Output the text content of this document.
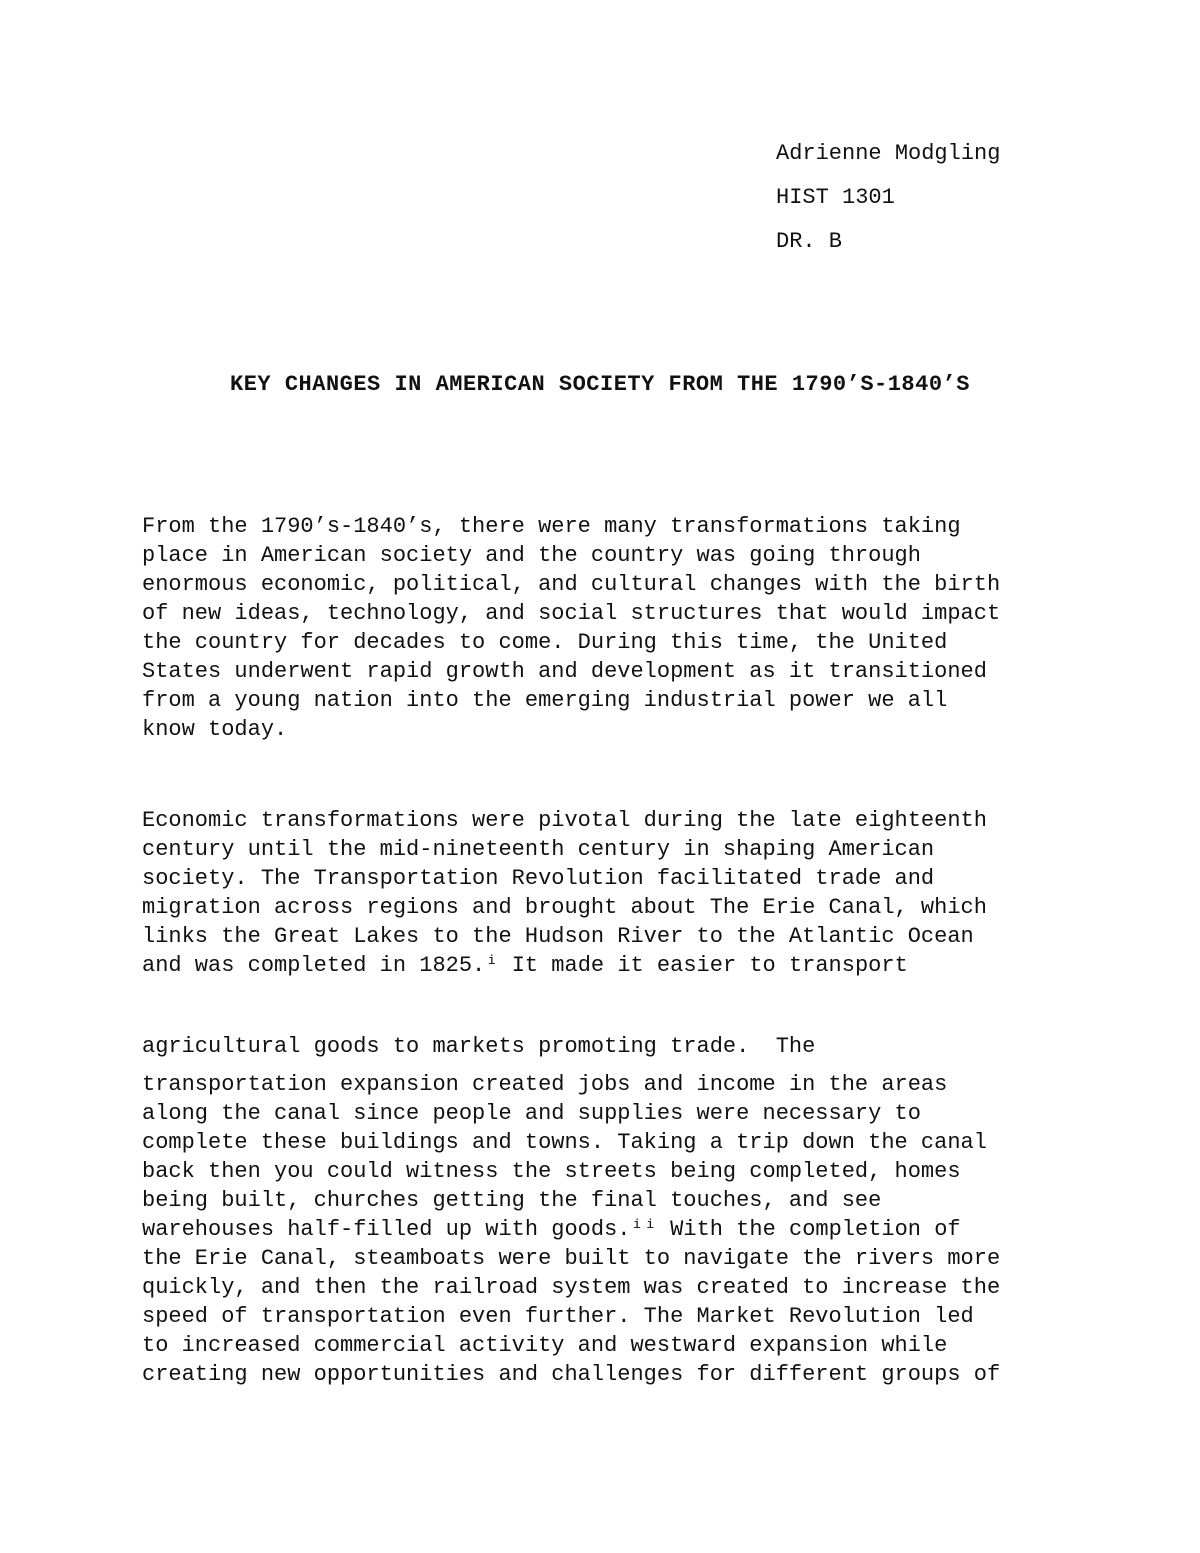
Adrienne Modgling
HIST 1301
DR. B
KEY CHANGES IN AMERICAN SOCIETY FROM THE 1790’S-1840’S
From the 1790’s-1840’s, there were many transformations taking
place in American society and the country was going through
enormous economic, political, and cultural changes with the birth
of new ideas, technology, and social structures that would impact
the country for decades to come. During this time, the United
States underwent rapid growth and development as it transitioned
from a young nation into the emerging industrial power we all
know today.
Economic transformations were pivotal during the late eighteenth
century until the mid-nineteenth century in shaping American
society. The Transportation Revolution facilitated trade and
migration across regions and brought about The Erie Canal, which
links the Great Lakes to the Hudson River to the Atlantic Ocean
and was completed in 1825.ⁱ It made it easier to transport
agricultural goods to markets promoting trade.  The
transportation expansion created jobs and income in the areas
along the canal since people and supplies were necessary to
complete these buildings and towns. Taking a trip down the canal
back then you could witness the streets being completed, homes
being built, churches getting the final touches, and see
warehouses half-filled up with goods.ⁱⁱ With the completion of
the Erie Canal, steamboats were built to navigate the rivers more
quickly, and then the railroad system was created to increase the
speed of transportation even further. The Market Revolution led
to increased commercial activity and westward expansion while
creating new opportunities and challenges for different groups of
